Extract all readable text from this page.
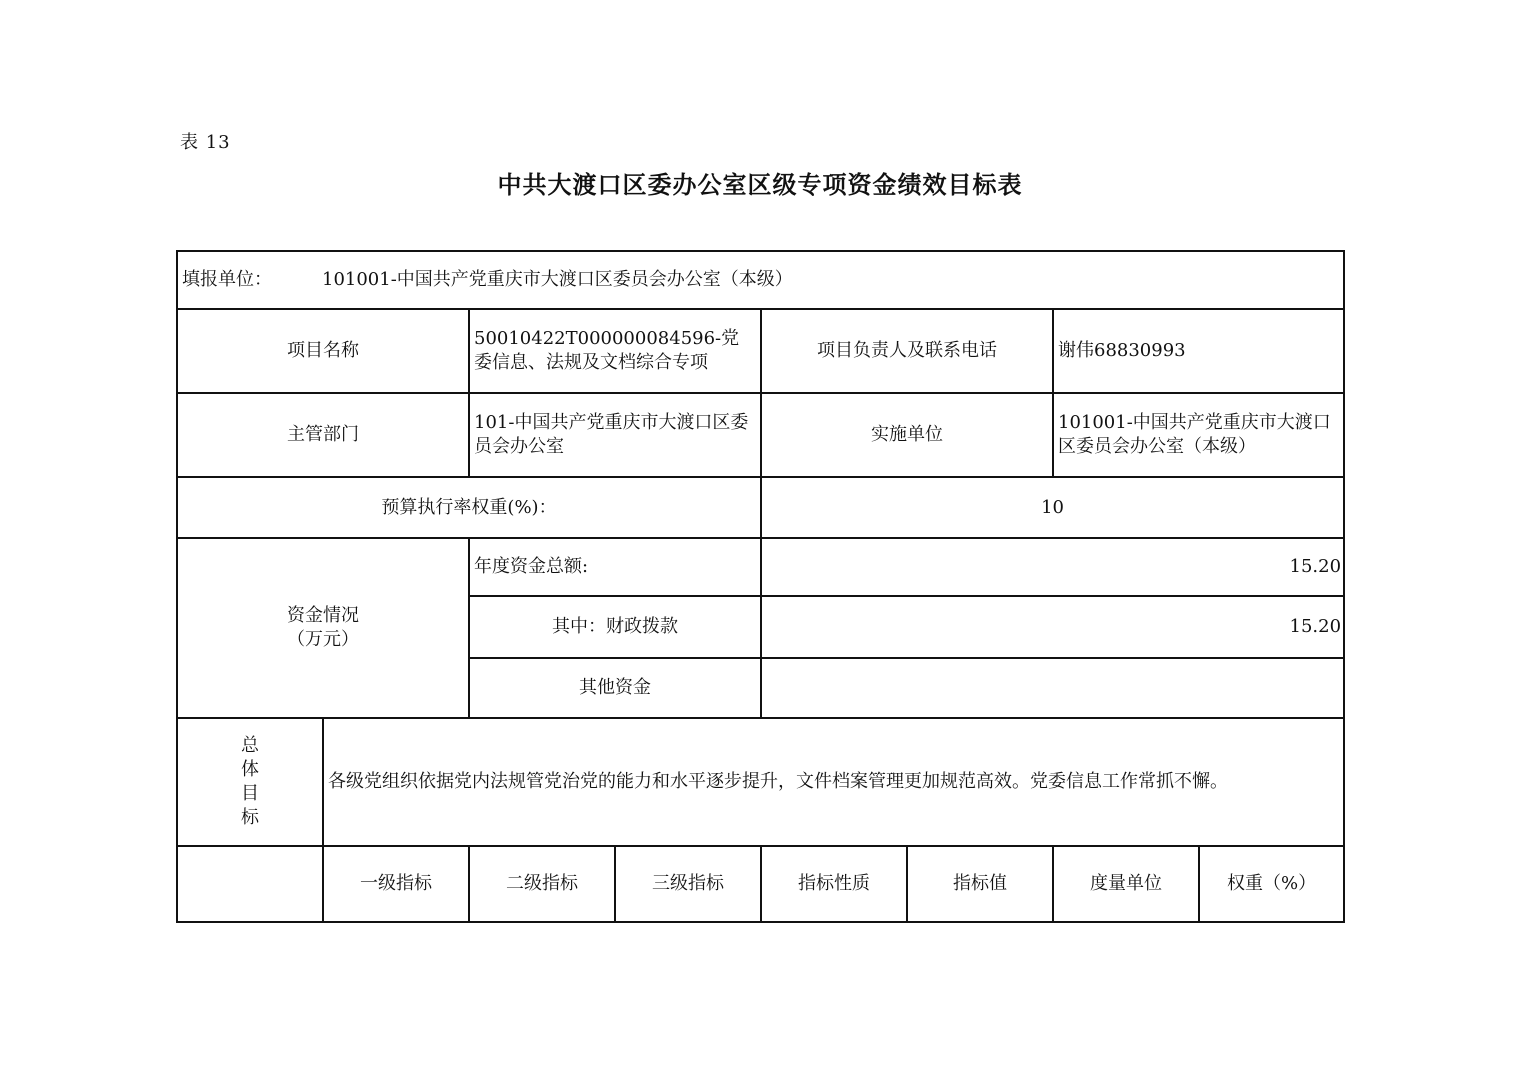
表 13
中共大渡口区委办公室区级专项资金绩效目标表
填报单位： 101001-中国共产党重庆市大渡口区委员会办公室（本级）							
项目名称		50010422T000000084596-党委信息、法规及文档综合专项		项目负责人及联系电话		谢伟68830993	
主管部门		101-中国共产党重庆市大渡口区委员会办公室		实施单位		101001-中国共产党重庆市大渡口区委员会办公室（本级）	
预算执行率权重(%)：				10			

资金情况
（万元）		年度资金总额:		15.20			
		其中：财政拨款		15.20			
		其他资金					

总
体
目
标	各级党组织依据党内法规管党治党的能力和水平逐步提升，文件档案管理更加规范高效。党委信息工作常抓不懈。						
	一级指标	二级指标	三级指标	指标性质	指标值	度量单位	权重（%）
